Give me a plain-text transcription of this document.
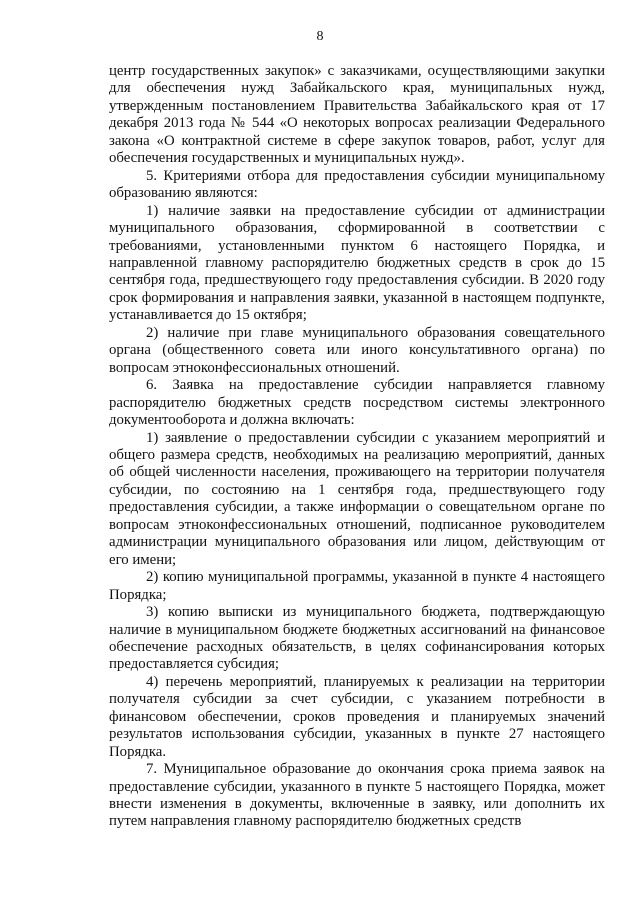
8

центр государственных закупок» с заказчиками, осуществляющими закупки для обеспечения нужд Забайкальского края, муниципальных нужд, утвержденным постановлением Правительства Забайкальского края от 17 декабря 2013 года № 544 «О некоторых вопросах реализации Федерального закона «О контрактной системе в сфере закупок товаров, работ, услуг для обеспечения государственных и муниципальных нужд».

5. Критериями отбора для предоставления субсидии муниципальному образованию являются:

1) наличие заявки на предоставление субсидии от администрации муниципального образования, сформированной в соответствии с требованиями, установленными пунктом 6 настоящего Порядка, и направленной главному распорядителю бюджетных средств в срок до 15 сентября года, предшествующего году предоставления субсидии. В 2020 году срок формирования и направления заявки, указанной в настоящем подпункте, устанавливается до 15 октября;

2) наличие при главе муниципального образования совещательного органа (общественного совета или иного консультативного органа) по вопросам этноконфессиональных отношений.

6. Заявка на предоставление субсидии направляется главному распорядителю бюджетных средств посредством системы электронного документооборота и должна включать:

1) заявление о предоставлении субсидии с указанием мероприятий и общего размера средств, необходимых на реализацию мероприятий, данных об общей численности населения, проживающего на территории получателя субсидии, по состоянию на 1 сентября года, предшествующего году предоставления субсидии, а также информации о совещательном органе по вопросам этноконфессиональных отношений, подписанное руководителем администрации муниципального образования или лицом, действующим от его имени;

2) копию муниципальной программы, указанной в пункте 4 настоящего Порядка;

3) копию выписки из муниципального бюджета, подтверждающую наличие в муниципальном бюджете бюджетных ассигнований на финансовое обеспечение расходных обязательств, в целях софинансирования которых предоставляется субсидия;

4) перечень мероприятий, планируемых к реализации на территории получателя субсидии за счет субсидии, с указанием потребности в финансовом обеспечении, сроков проведения и планируемых значений результатов использования субсидии, указанных в пункте 27 настоящего Порядка.

7. Муниципальное образование до окончания срока приема заявок на предоставление субсидии, указанного в пункте 5 настоящего Порядка, может внести изменения в документы, включенные в заявку, или дополнить их путем направления главному распорядителю бюджетных средств
